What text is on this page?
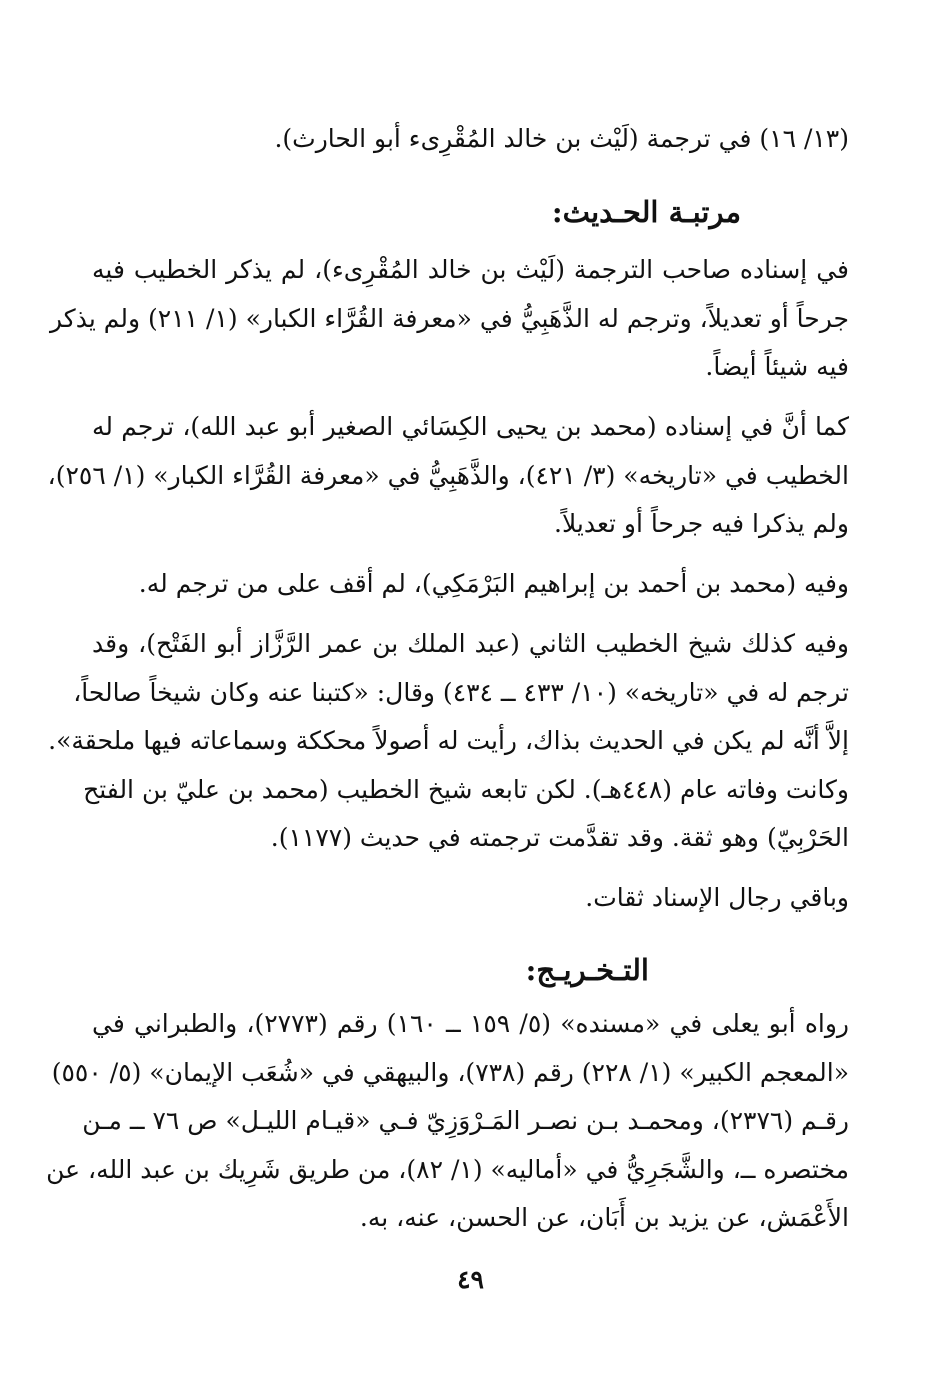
(١٣/ ١٦) في ترجمة (لَيْث بن خالد المُقْرِىء أبو الحارث).
مرتبـة الحـديث:
في إسناده صاحب الترجمة (لَيْث بن خالد المُقْرِىء)، لم يذكر الخطيب فيه
جرحاً أو تعديلاً، وترجم له الذَّهَبِيُّ في «معرفة القُرَّاء الكبار» (١/ ٢١١) ولم يذكر
فيه شيئاً أيضاً.
كما أنَّ في إسناده (محمد بن يحيى الكِسَائي الصغير أبو عبد الله)، ترجم له
الخطيب في «تاريخه» (٣/ ٤٢١)، والذَّهَبِيُّ في «معرفة القُرَّاء الكبار» (١/ ٢٥٦)،
ولم يذكرا فيه جرحاً أو تعديلاً.
وفيه (محمد بن أحمد بن إبراهيم البَرْمَكِي)، لم أقف على من ترجم له.
وفيه كذلك شيخ الخطيب الثاني (عبد الملك بن عمر الرَّزَّاز أبو الفَتْح)، وقد
ترجم له في «تاريخه» (١٠/ ٤٣٣ ــ ٤٣٤) وقال: «كتبنا عنه وكان شيخاً صالحاً،
إلاَّ أنَّه لم يكن في الحديث بذاك، رأيت له أصولاً محككة وسماعاته فيها ملحقة».
وكانت وفاته عام (٤٤٨هـ). لكن تابعه شيخ الخطيب (محمد بن عليّ بن الفتح
الحَرْبِيّ) وهو ثقة. وقد تقدَّمت ترجمته في حديث (١١٧٧).
وباقي رجال الإسناد ثقات.
التـخـريـج:
رواه أبو يعلى في «مسنده» (٥/ ١٥٩ ــ ١٦٠) رقم (٢٧٧٣)، والطبراني في
«المعجم الكبير» (١/ ٢٢٨) رقم (٧٣٨)، والبيهقي في «شُعَب الإيمان» (٥/ ٥٥٠)
رقـم (٢٣٧٦)، ومحمـد بـن نصـر المَـرْوَزِيّ فـي «قيـام الليـل» ص ٧٦ ــ مـن
مختصره ــ، والشَّجَرِيُّ في «أماليه» (١/ ٨٢)، من طريق شَرِيك بن عبد الله، عن
الأَعْمَش، عن يزيد بن أَبَان، عن الحسن، عنه، به.
٤٩
